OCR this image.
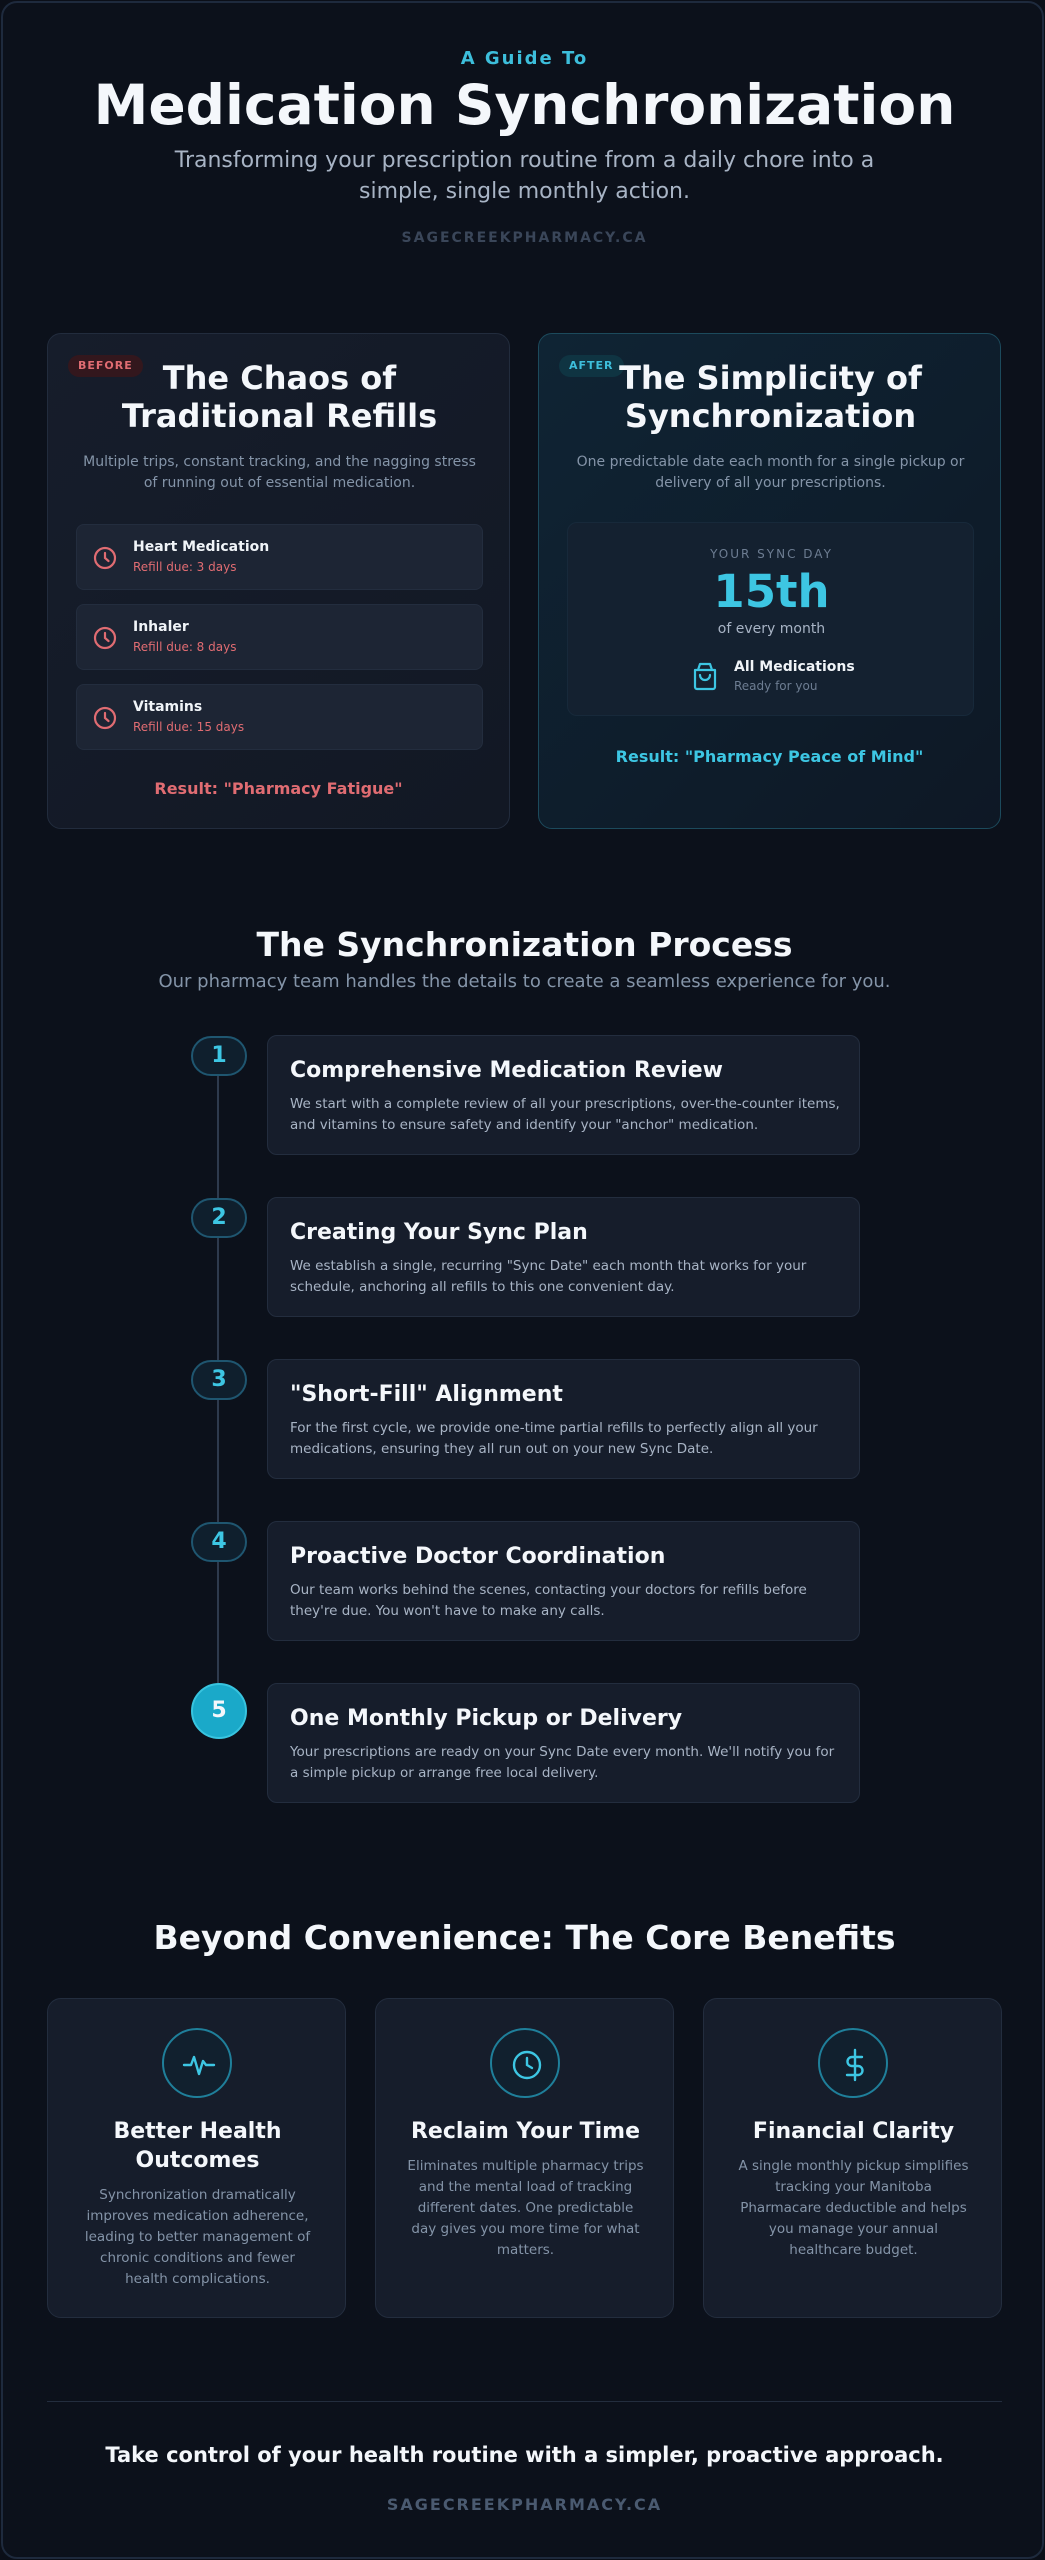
A Guide To
Medication Synchronization
Transforming your prescription routine from a daily chore into a simple, single monthly action.
SAGECREEKPHARMACY.CA
BEFORE The Chaos of Traditional Refills
Multiple trips, constant tracking, and the nagging stress of running out of essential medication.
Heart Medication
Refill due: 3 days
Inhaler
Refill due: 8 days
Vitamins
Refill due: 15 days
Result: "Pharmacy Fatigue"
AFTER The Simplicity of Synchronization
One predictable date each month for a single pickup or delivery of all your prescriptions.
YOUR SYNC DAY
15th
of every month
All Medications
Ready for you
Result: "Pharmacy Peace of Mind"
The Synchronization Process
Our pharmacy team handles the details to create a seamless experience for you.
1
Comprehensive Medication Review
We start with a complete review of all your prescriptions, over-the-counter items, and vitamins to ensure safety and identify your "anchor" medication.
2
Creating Your Sync Plan
We establish a single, recurring "Sync Date" each month that works for your schedule, anchoring all refills to this one convenient day.
3
"Short-Fill" Alignment
For the first cycle, we provide one-time partial refills to perfectly align all your medications, ensuring they all run out on your new Sync Date.
4
Proactive Doctor Coordination
Our team works behind the scenes, contacting your doctors for refills before they're due. You won't have to make any calls.
5	One Monthly Pickup or Delivery
Your prescriptions are ready on your Sync Date every month. We'll notify you for a simple pickup or arrange free local delivery.
Beyond Convenience: The Core Benefits
Better Health Outcomes
Synchronization dramatically improves medication adherence, leading to better management of chronic conditions and fewer health complications.
Reclaim Your Time
Eliminates multiple pharmacy trips and the mental load of tracking different dates. One predictable day gives you more time for what matters.
Financial Clarity
A single monthly pickup simplifies tracking your Manitoba Pharmacare deductible and helps you manage your annual healthcare budget.
Take control of your health routine with a simpler, proactive approach.
SAGECREEKPHARMACY.CA
